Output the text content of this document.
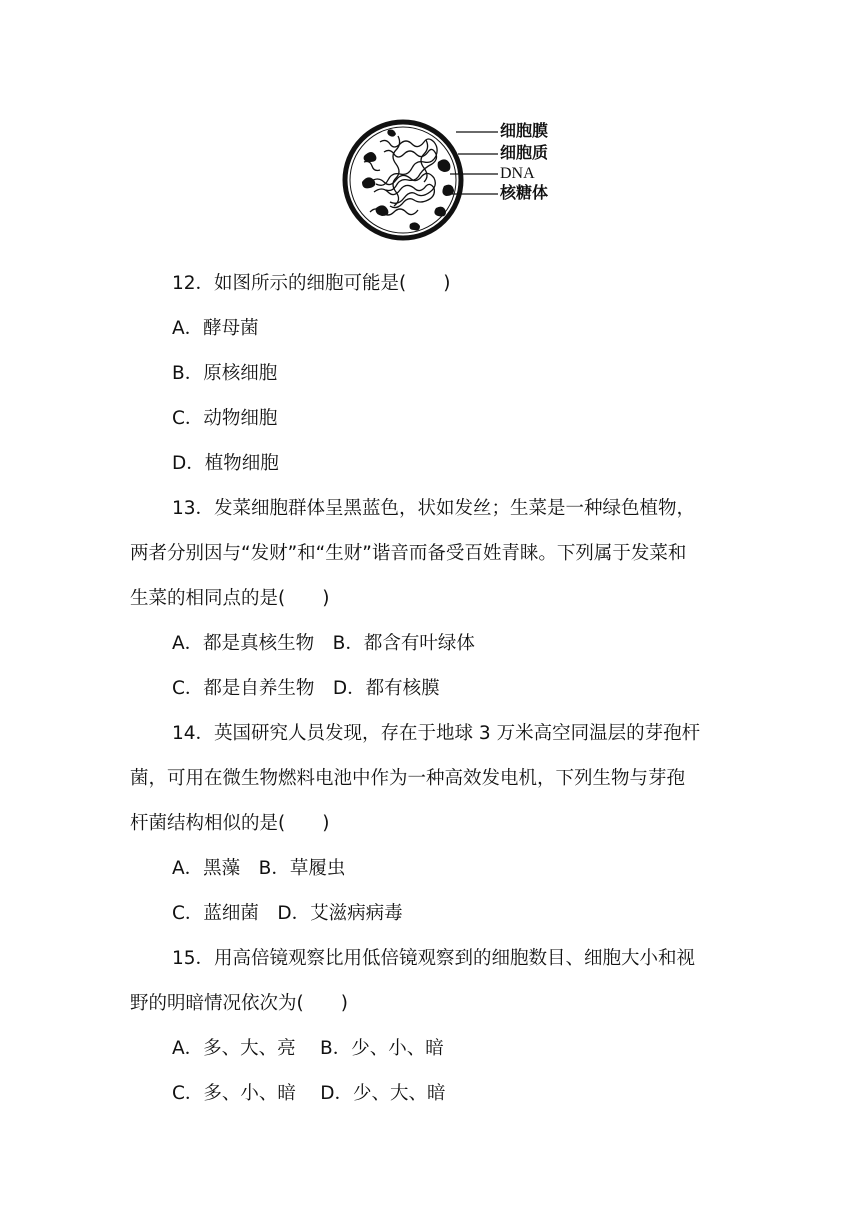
细胞膜
细胞质
DNA
核糖体
12．如图所示的细胞可能是(　　)
A．酵母菌
B．原核细胞
C．动物细胞
D．植物细胞
13．发菜细胞群体呈黑蓝色，状如发丝；生菜是一种绿色植物，
两者分别因与“发财”和“生财”谐音而备受百姓青睐。下列属于发菜和
生菜的相同点的是(　　)
A．都是真核生物　B．都含有叶绿体
C．都是自养生物　D．都有核膜
14．英国研究人员发现，存在于地球 3 万米高空同温层的芽孢杆
菌，可用在微生物燃料电池中作为一种高效发电机，下列生物与芽孢
杆菌结构相似的是(　　)
A．黑藻　B．草履虫
C．蓝细菌　D．艾滋病病毒
15．用高倍镜观察比用低倍镜观察到的细胞数目、细胞大小和视
野的明暗情况依次为(　　)
A．多、大、亮　 B．少、小、暗
C．多、小、暗　 D．少、大、暗
